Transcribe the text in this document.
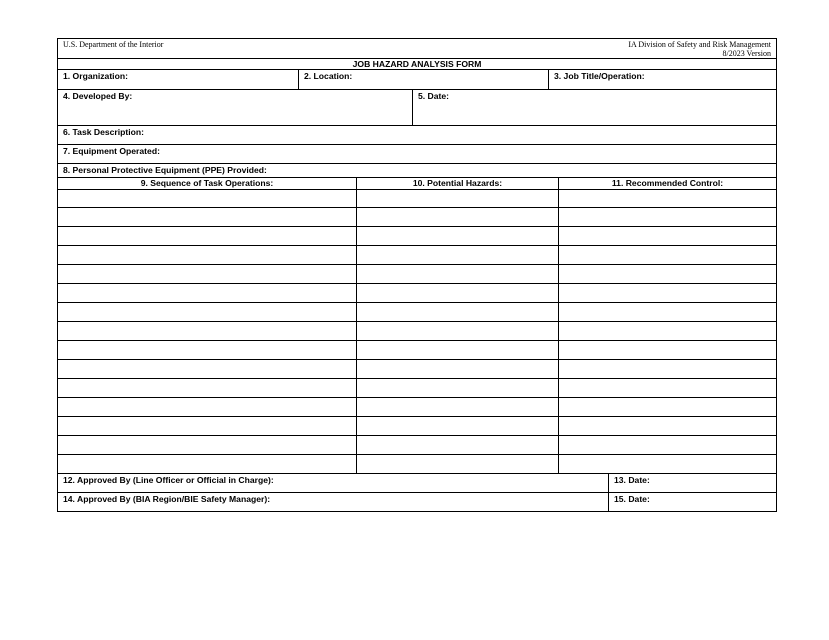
U.S. Department of the Interior	IA Division of Safety and Risk Management
8/2023 Version
JOB HAZARD ANALYSIS FORM
1. Organization:	2. Location:	3. Job Title/Operation:
4. Developed By:	5. Date:
6. Task Description:
7. Equipment Operated:
8. Personal Protective Equipment (PPE) Provided:
9. Sequence of Task Operations:	10. Potential Hazards:	11. Recommended Control:
12. Approved By (Line Officer or Official in Charge):	13. Date:
14. Approved By (BIA Region/BIE Safety Manager):	15. Date:
